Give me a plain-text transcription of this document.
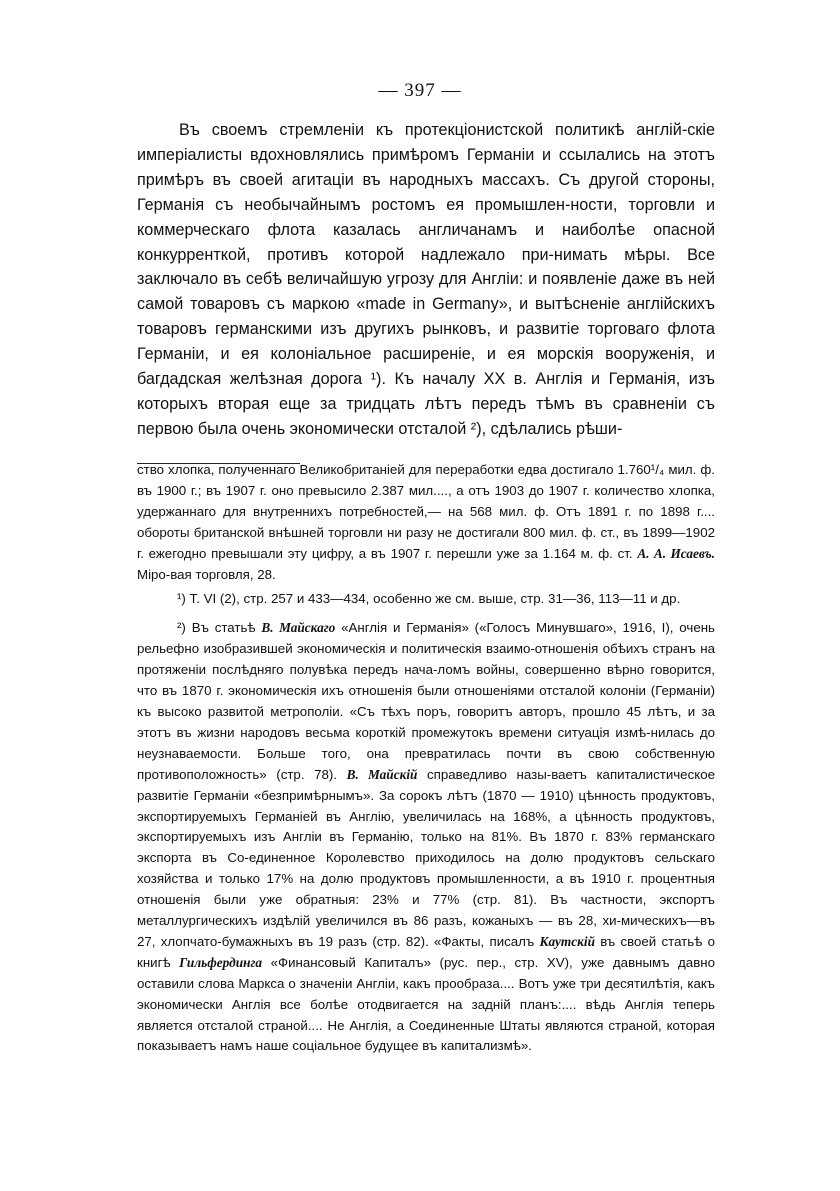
— 397 —

Въ своемъ стремленіи къ протекціонистской политикѣ англій-скіе имперіалисты вдохновлялись примѣромъ Германіи и ссылались на этотъ примѣръ въ своей агитаціи въ народныхъ массахъ. Съ другой стороны, Германія съ необычайнымъ ростомъ ея промышлен-ности, торговли и коммерческаго флота казалась англичанамъ и наиболѣе опасной конкурренткой, противъ которой надлежало при-нимать мѣры. Все заключало въ себѣ величайшую угрозу для Англіи: и появленіе даже въ ней самой товаровъ съ маркою «made in Germany», и вытѣсненіе англійскихъ товаровъ германскими изъ другихъ рынковъ, и развитіе торговаго флота Германіи, и ея колоніальное расширеніе, и ея морскія вооруженія, и багдадская желѣзная дорога ¹). Къ началу XX в. Англія и Германія, изъ которыхъ вторая еще за тридцать лѣтъ передъ тѣмъ въ сравненіи съ первою была очень экономически отсталой ²), сдѣлались рѣши-

ство хлопка, полученнаго Великобританіей для переработки едва достигало 1.760¹/₄ мил. ф. въ 1900 г.; въ 1907 г. оно превысило 2.387 мил...., а отъ 1903 до 1907 г. количество хлопка, удержаннаго для внутреннихъ потребностей,— на 568 мил. ф. Отъ 1891 г. по 1898 г.... обороты британской внѣшней торговли ни разу не достигали 800 мил. ф. ст., въ 1899—1902 г. ежегодно превышали эту цифру, а въ 1907 г. перешли уже за 1.164 м. ф. ст. А. А. Исаевъ. Міро-вая торговля, 28.

¹) Т. VI (2), стр. 257 и 433—434, особенно же см. выше, стр. 31—36, 113—11 и др.

²) Въ статьѣ В. Майскаго «Англія и Германія» («Голосъ Минувшаго», 1916, I), очень рельефно изобразившей экономическія и политическія взаимо-отношенія обѣихъ странъ на протяженіи послѣдняго полувѣка передъ нача-ломъ войны, совершенно вѣрно говорится, что въ 1870 г. экономическія ихъ отношенія были отношеніями отсталой колоніи (Германіи) къ высоко развитой метрополіи. «Съ тѣхъ поръ, говоритъ авторъ, прошло 45 лѣтъ, и за этотъ въ жизни народовъ весьма короткій промежутокъ времени ситуація измѣ-нилась до неузнаваемости. Больше того, она превратилась почти въ свою собственную противоположность» (стр. 78). В. Майскій справедливо назы-ваетъ капиталистическое развитіе Германіи «безпримѣрнымъ». За сорокъ лѣтъ (1870 — 1910) цѣнность продуктовъ, экспортируемыхъ Германіей въ Англію, увеличилась на 168%, а цѣнность продуктовъ, экспортируемыхъ изъ Англіи въ Германію, только на 81%. Въ 1870 г. 83% германскаго экспорта въ Со-единенное Королевство приходилось на долю продуктовъ сельскаго хозяйства и только 17% на долю продуктовъ промышленности, а въ 1910 г. процентныя отношенія были уже обратныя: 23% и 77% (стр. 81). Въ частности, экспортъ металлургическихъ издѣлій увеличился въ 86 разъ, кожаныхъ — въ 28, хи-мическихъ—въ 27, хлопчато-бумажныхъ въ 19 разъ (стр. 82). «Факты, писалъ Каутскій въ своей статьѣ о книгѣ Гильфердинга «Финансовый Капиталъ» (рус. пер., стр. XV), уже давнымъ давно оставили слова Маркса о значеніи Англіи, какъ прообраза.... Вотъ уже три десятилѣтія, какъ экономически Англія все болѣе отодвигается на задній планъ:.... вѣдь Англія теперь является отсталой страной.... Не Англія, а Соединенные Штаты являются страной, которая показываетъ намъ наше соціальное будущее въ капитализмѣ».
